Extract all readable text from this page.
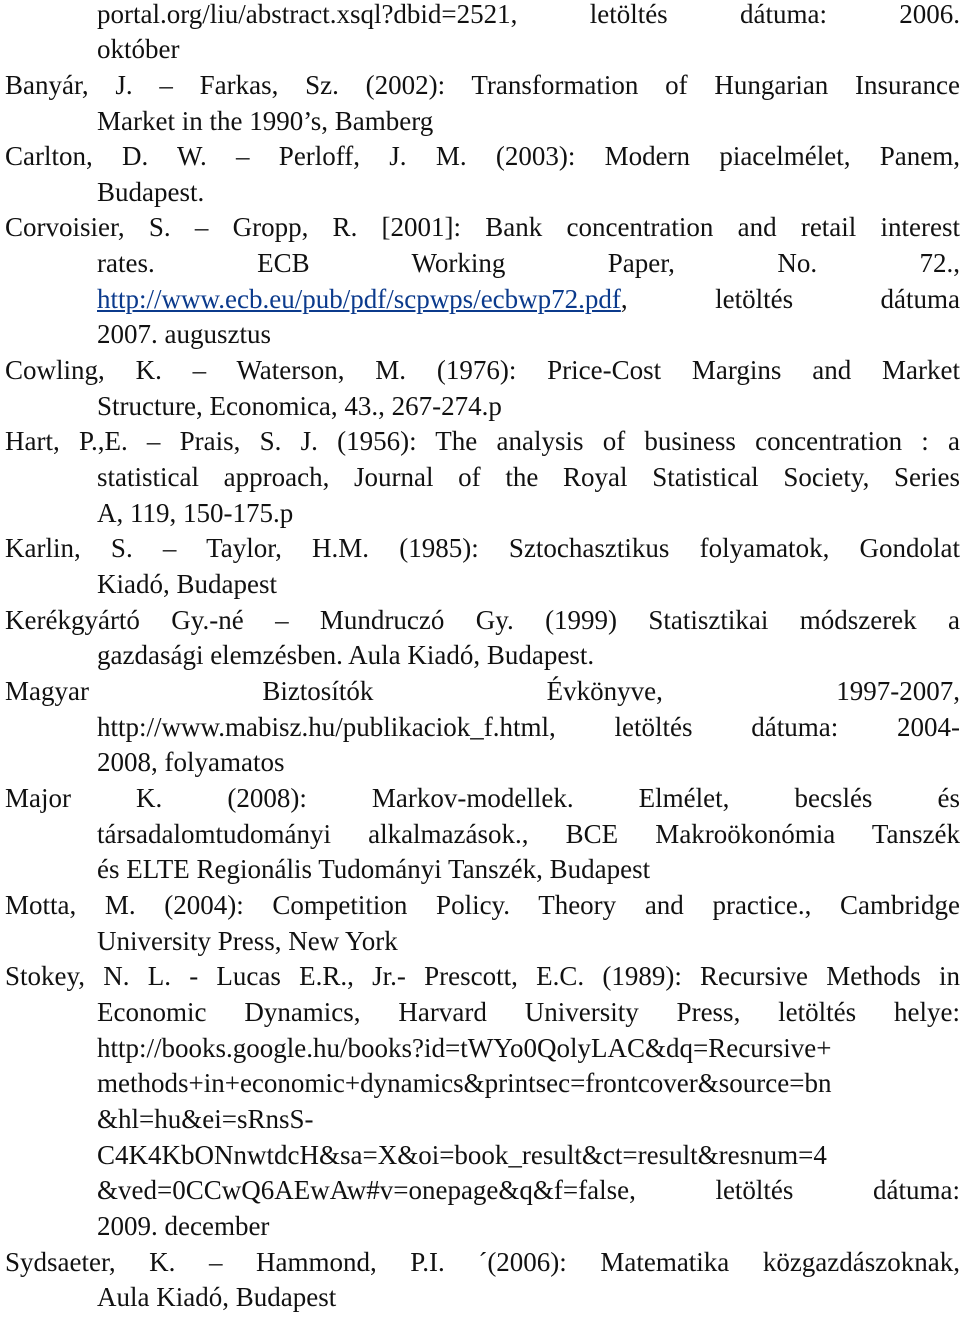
portal.org/liu/abstract.xsql?dbid=2521, letöltés dátuma: 2006.
október
Banyár, J. – Farkas, Sz. (2002): Transformation of Hungarian Insurance
Market in the 1990’s, Bamberg
Carlton, D. W. – Perloff, J. M. (2003): Modern piacelmélet, Panem,
Budapest.
Corvoisier, S. – Gropp, R. [2001]: Bank concentration and retail interest
rates. ECB Working Paper, No. 72.,
http://www.ecb.eu/pub/pdf/scpwps/ecbwp72.pdf, letöltés dátuma
2007. augusztus
Cowling, K. – Waterson, M. (1976): Price-Cost Margins and Market
Structure, Economica, 43., 267-274.p
Hart, P.,E. – Prais, S. J. (1956): The analysis of business concentration : a
statistical approach, Journal of the Royal Statistical Society, Series
A, 119, 150-175.p
Karlin, S. – Taylor, H.M. (1985): Sztochasztikus folyamatok, Gondolat
Kiadó, Budapest
Kerékgyártó Gy.-né – Mundruczó Gy. (1999) Statisztikai módszerek a
gazdasági elemzésben. Aula Kiadó, Budapest.
Magyar Biztosítók Évkönyve, 1997-2007,
http://www.mabisz.hu/publikaciok_f.html, letöltés dátuma: 2004-
2008, folyamatos
Major K. (2008): Markov-modellek. Elmélet, becslés és
társadalomtudományi alkalmazások., BCE Makroökonómia Tanszék
és ELTE Regionális Tudományi Tanszék, Budapest
Motta, M. (2004): Competition Policy. Theory and practice., Cambridge
University Press, New York
Stokey, N. L. - Lucas E.R., Jr.- Prescott, E.C. (1989): Recursive Methods in
Economic Dynamics, Harvard University Press, letöltés helye:
http://books.google.hu/books?id=tWYo0QolyLAC&dq=Recursive+
methods+in+economic+dynamics&printsec=frontcover&source=bn
&hl=hu&ei=sRnsS-
C4K4KbONnwtdcH&sa=X&oi=book_result&ct=result&resnum=4
&ved=0CCwQ6AEwAw#v=onepage&q&f=false, letöltés dátuma:
2009. december
Sydsaeter, K. – Hammond, P.I. ´(2006): Matematika közgazdászoknak,
Aula Kiadó, Budapest
